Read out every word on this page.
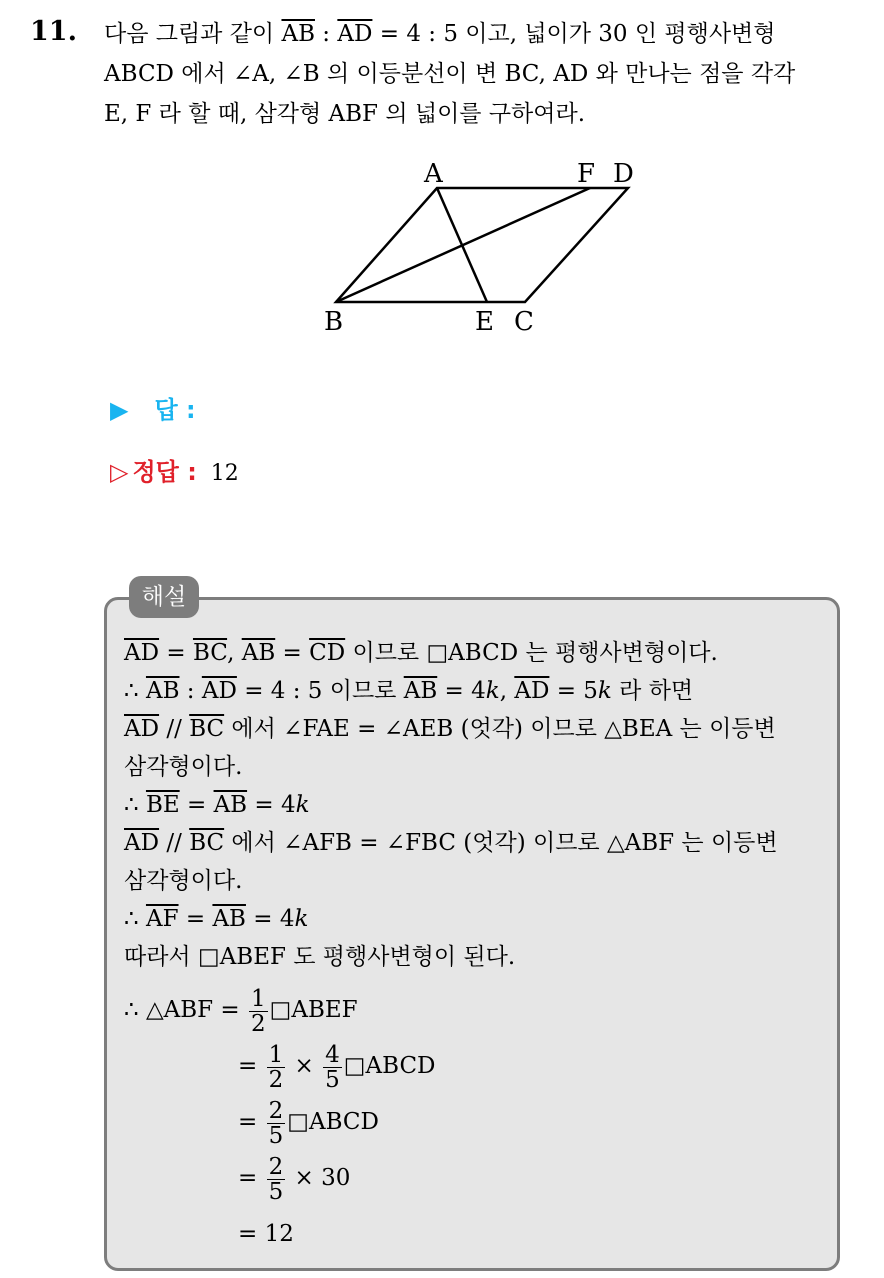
11. 다음 그림과 같이 $\overline{AB}$ : $\overline{AD} = 4$ : 5 이고, 넓이가 30 인 평행사변형
ABCD 에서 ∠A, ∠B 의 이등분선이 변 BC, AD 와 만나는 점을 각각
E, F 라 할 때, 삼각형 ABF 의 넓이를 구하여라.
A	F D
B	E C
▶ 답 :
▷ 정답 : 12
해설
$\overline{AD} = \overline{BC}$, $\overline{AB} = \overline{CD}$ 이므로 □ABCD 는 평행사변형이다.
∴ $\overline{AB}$ : $\overline{AD} = 4$ : 5 이므로 $\overline{AB} = 4k$, $\overline{AD} = 5k$ 라 하면
$\overline{AD} // \overline{BC}$ 에서 ∠FAE = ∠AEB (엇각) 이므로 △BEA 는 이등변
삼각형이다.
∴ $\overline{BE} = \overline{AB} = 4k$
$\overline{AD} // \overline{BC}$ 에서 ∠AFB = ∠FBC (엇각) 이므로 △ABF 는 이등변
삼각형이다.
∴ $\overline{AF} = \overline{AB} = 4k$
따라서 □ABEF 도 평행사변형이 된다.
∴ △ABF = $\frac{1}{2}$ □ABEF
= $\frac{1}{2} \times \frac{4}{5}$ □ABCD
= $\frac{2}{5}$ □ABCD
= $\frac{2}{5} \times 30$
= 12
